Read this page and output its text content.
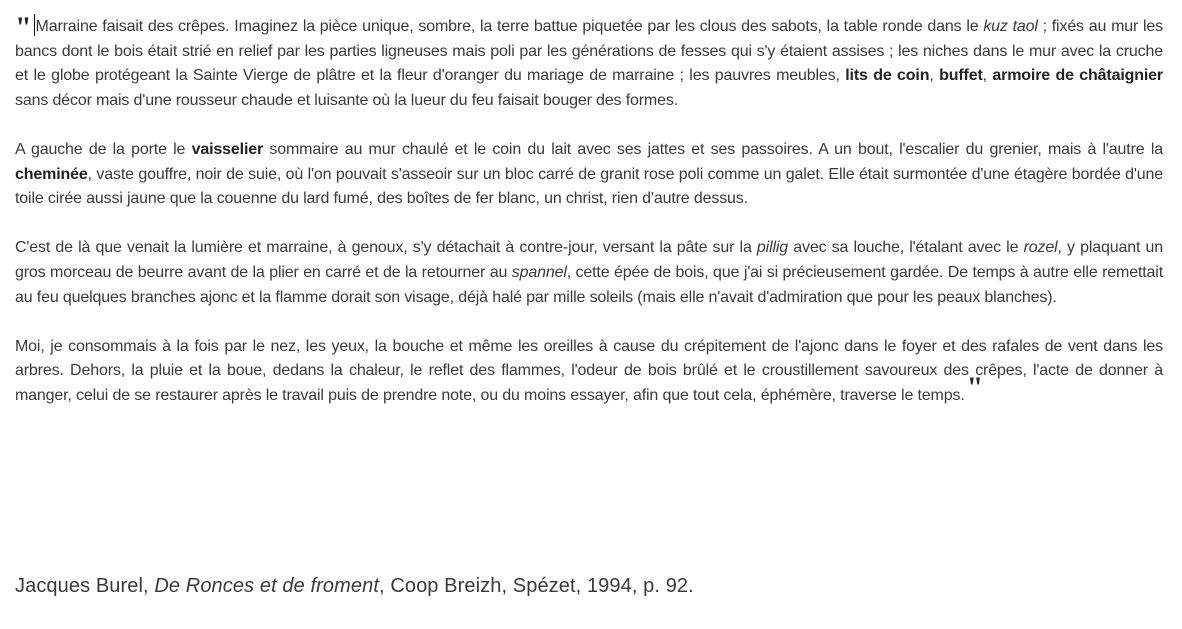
" Marraine faisait des crêpes. Imaginez la pièce unique, sombre, la terre battue piquetée par les clous des sabots, la table ronde dans le kuz taol ; fixés au mur les bancs dont le bois était strié en relief par les parties ligneuses mais poli par les générations de fesses qui s'y étaient assises ; les niches dans le mur avec la cruche et le globe protégeant la Sainte Vierge de plâtre et la fleur d'oranger du mariage de marraine ; les pauvres meubles, lits de coin, buffet, armoire de châtaignier sans décor mais d'une rousseur chaude et luisante où la lueur du feu faisait bouger des formes.

A gauche de la porte le vaisselier sommaire au mur chaulé et le coin du lait avec ses jattes et ses passoires. A un bout, l'escalier du grenier, mais à l'autre la cheminée, vaste gouffre, noir de suie, où l'on pouvait s'asseoir sur un bloc carré de granit rose poli comme un galet. Elle était surmontée d'une étagère bordée d'une toile cirée aussi jaune que la couenne du lard fumé, des boîtes de fer blanc, un christ, rien d'autre dessus.

C'est de là que venait la lumière et marraine, à genoux, s'y détachait à contre-jour, versant la pâte sur la pillig avec sa louche, l'étalant avec le rozel, y plaquant un gros morceau de beurre avant de la plier en carré et de la retourner au spannel, cette épée de bois, que j'ai si précieusement gardée. De temps à autre elle remettait au feu quelques branches ajonc et la flamme dorait son visage, déjà halé par mille soleils (mais elle n'avait d'admiration que pour les peaux blanches).

Moi, je consommais à la fois par le nez, les yeux, la bouche et même les oreilles à cause du crépitement de l'ajonc dans le foyer et des rafales de vent dans les arbres. Dehors, la pluie et la boue, dedans la chaleur, le reflet des flammes, l'odeur de bois brûlé et le croustillement savoureux des crêpes, l'acte de donner à manger, celui de se restaurer après le travail puis de prendre note, ou du moins essayer, afin que tout cela, éphémère, traverse le temps."

Jacques Burel, De Ronces et de froment, Coop Breizh, Spézet, 1994, p. 92.
